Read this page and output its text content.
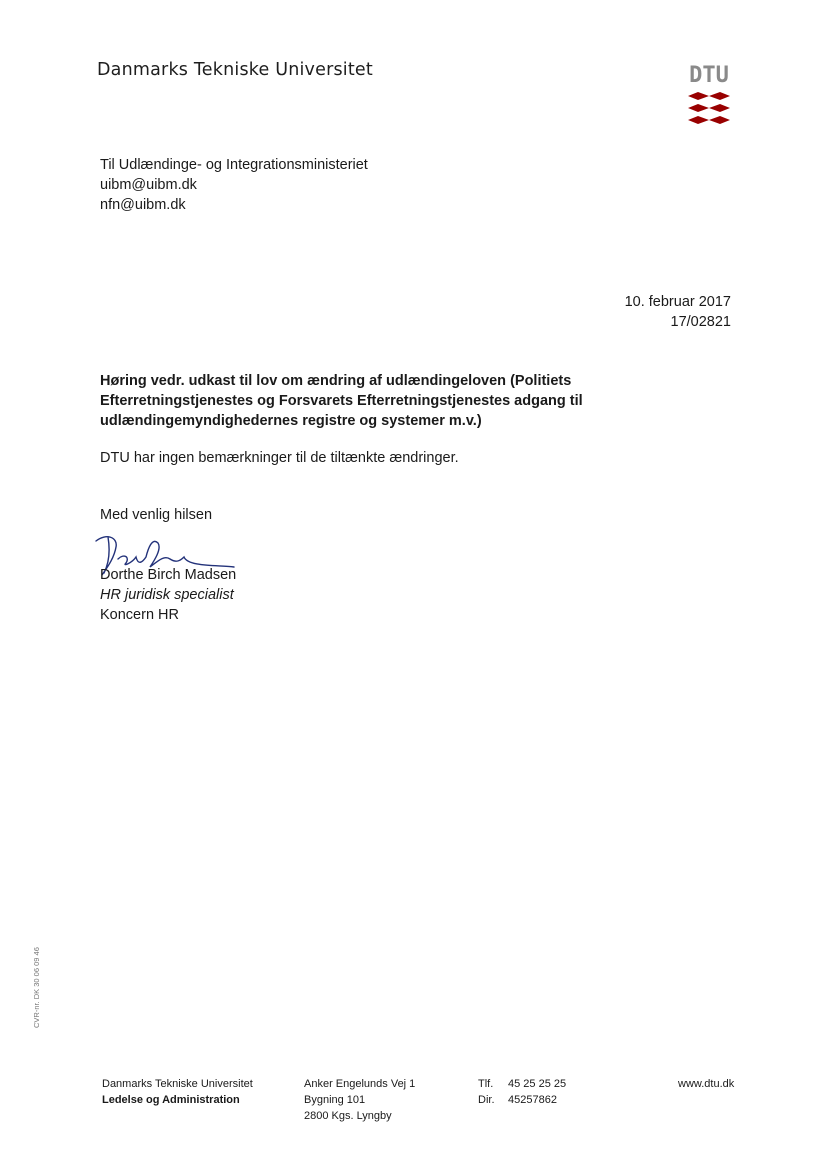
Danmarks Tekniske Universitet	DTU
Til Udlændinge- og Integrationsministeriet
uibm@uibm.dk
nfn@uibm.dk
10. februar 2017
17/02821
Høring vedr. udkast til lov om ændring af udlændingeloven (Politiets Efterretningstjenestes og Forsvarets Efterretningstjenestes adgang til udlændingemyndighedernes registre og systemer m.v.)
DTU har ingen bemærkninger til de tiltænkte ændringer.
Med venlig hilsen
Dorthe Birch Madsen
HR juridisk specialist
Koncern HR
CVR-nr. DK 30 06 09 46
Danmarks Tekniske Universitet
Ledelse og Administration
Anker Engelunds Vej 1
Bygning 101
2800 Kgs. Lyngby
Tlf. 45 25 25 25
Dir. 45257862
www.dtu.dk
